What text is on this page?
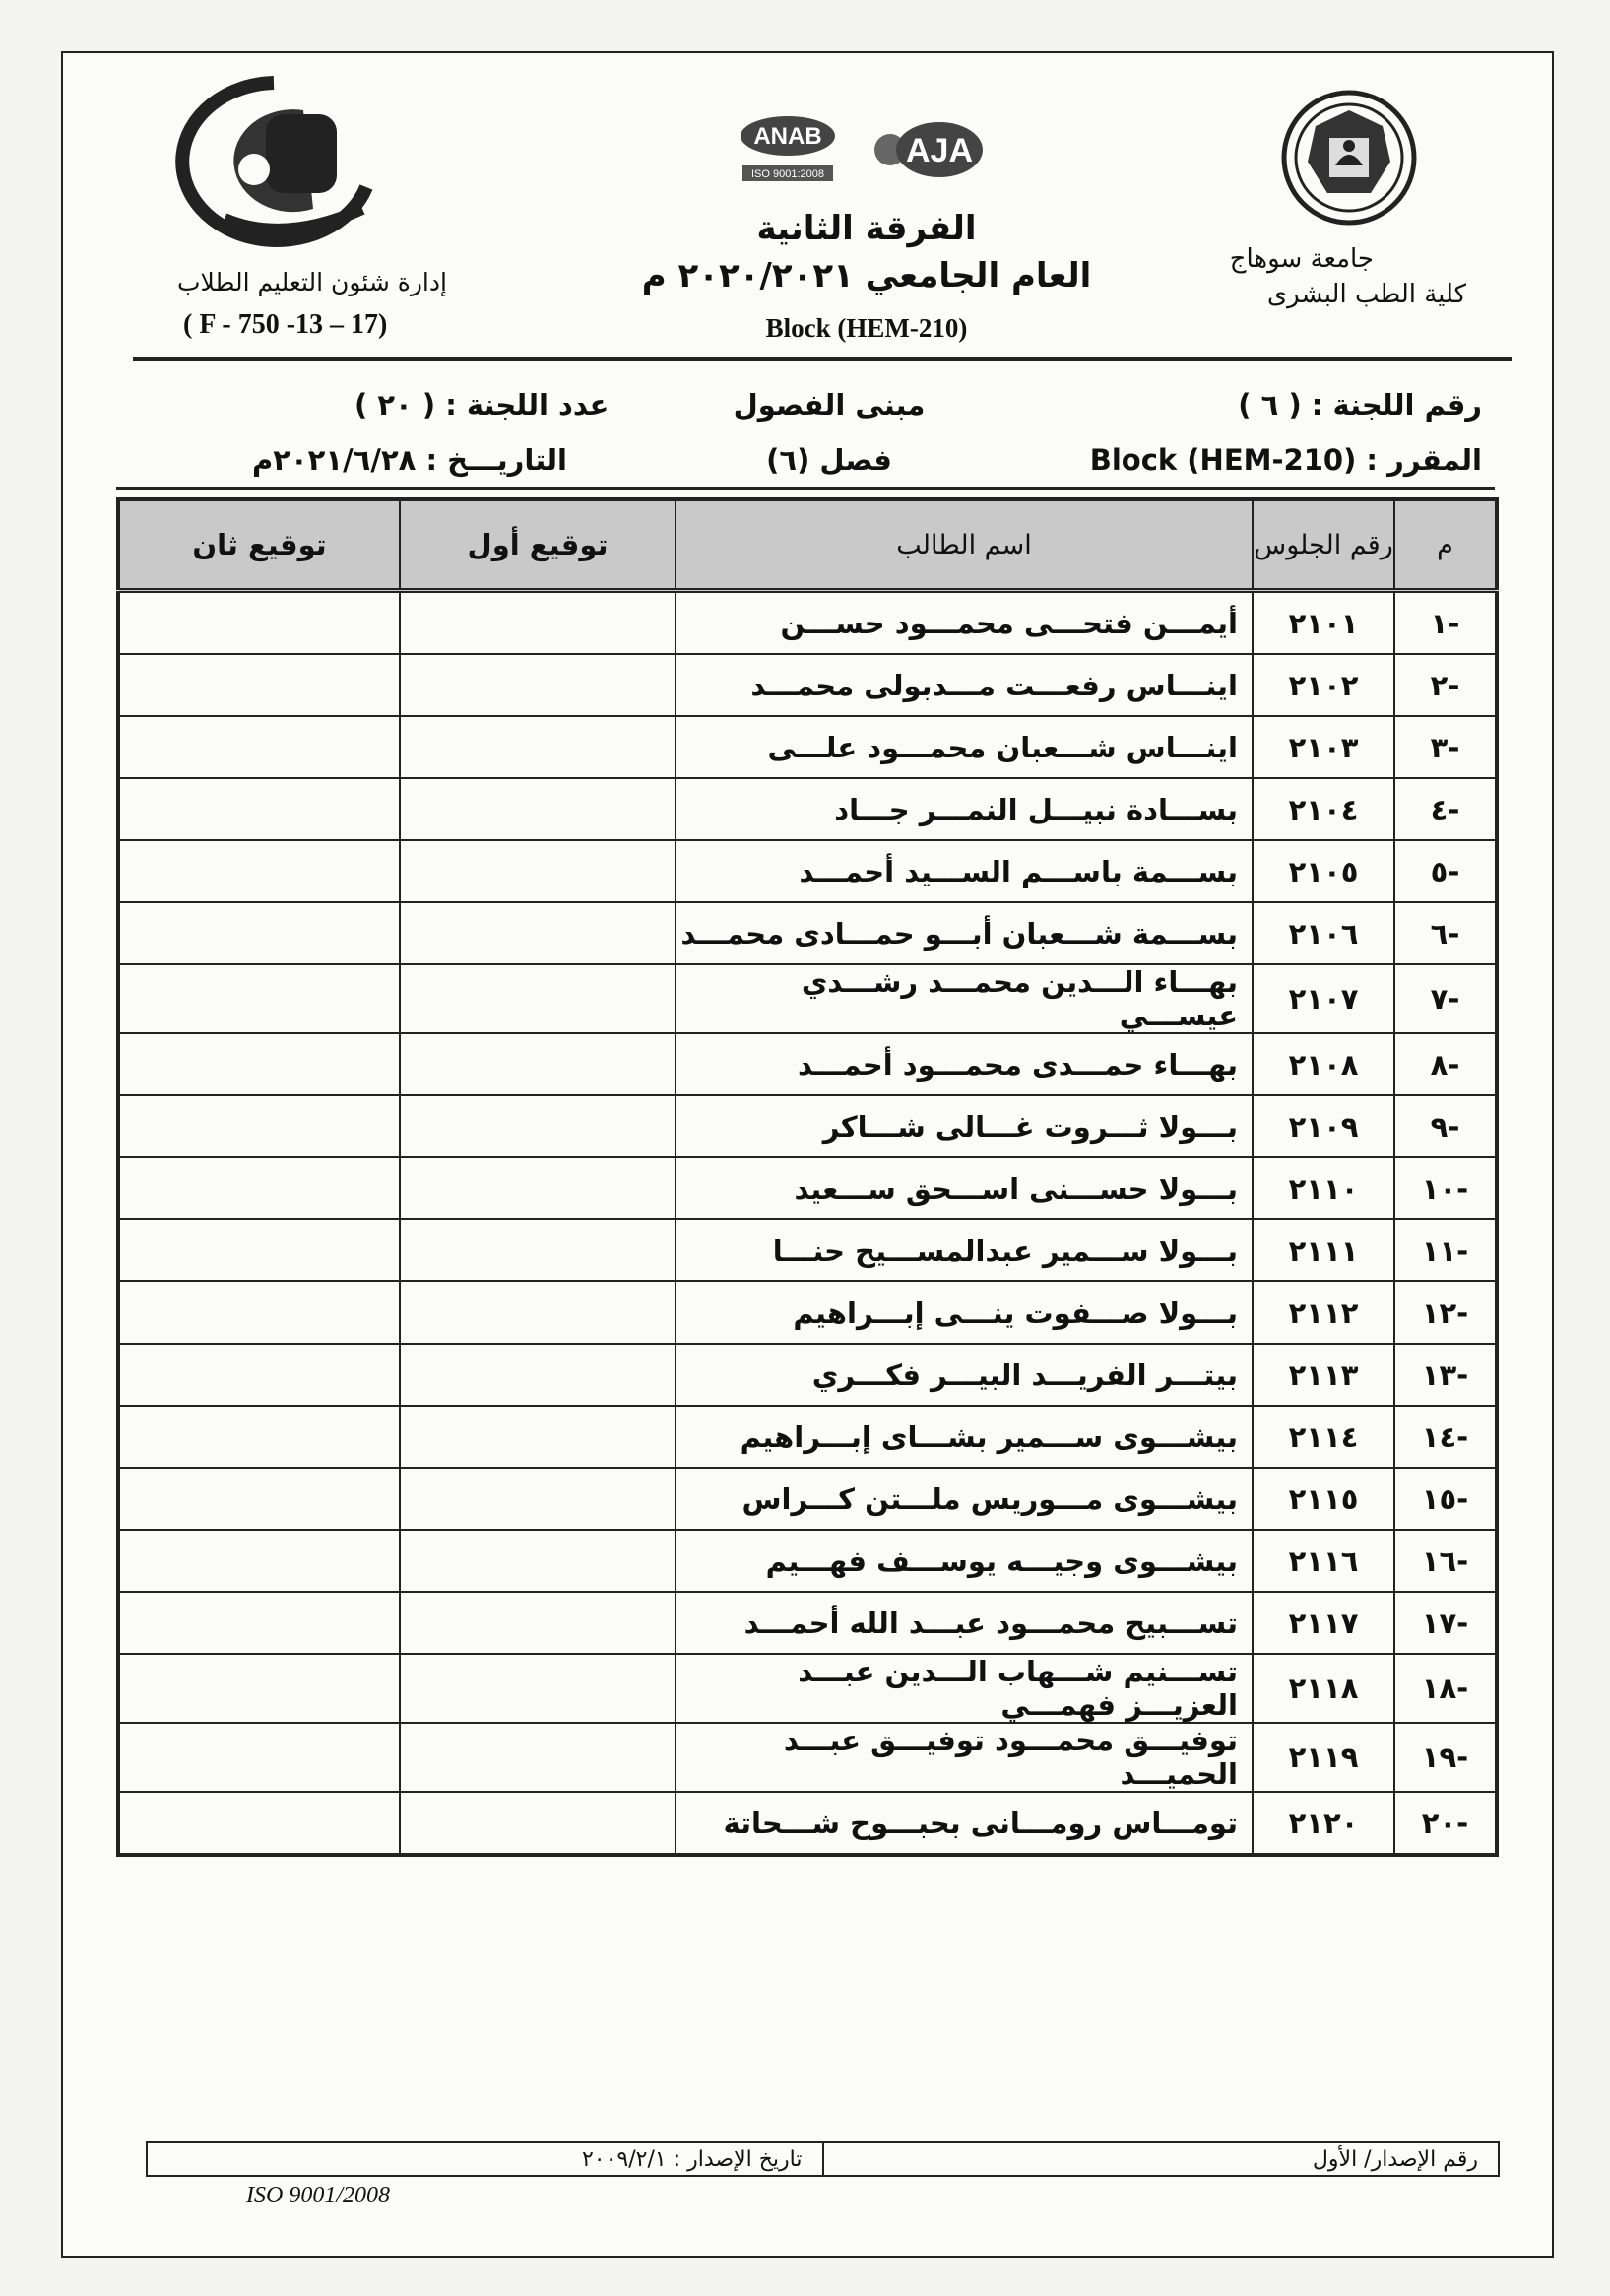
جامعة سوهاج
كلية الطب البشرى
ANAB
ISO 9001:2008
AJA
الفرقة الثانية
العام الجامعي ٢٠٢٠/٢٠٢١ م
Block (HEM-210)
إدارة شئون التعليم الطلاب
( F - 750 -13 – 17)
رقم اللجنة : ( ٦ )
مبنى الفصول
عدد اللجنة : ( ٢٠ )
المقرر : Block (HEM-210)
فصل (٦)
التاريـــخ : ٢٠٢١/٦/٢٨م
م	رقم الجلوس	اسم الطالب	توقيع أول	توقيع ثان
-١	٢١٠١	أيمـــن فتحـــى محمـــود حســـن		
-٢	٢١٠٢	اينـــاس رفعـــت مـــدبولى محمـــد		
-٣	٢١٠٣	اينـــاس شـــعبان محمـــود علـــى		
-٤	٢١٠٤	بســـادة نبيـــل النمـــر جـــاد		
-٥	٢١٠٥	بســـمة باســـم الســـيد أحمـــد		
-٦	٢١٠٦	بســـمة شـــعبان أبـــو حمـــادى محمـــد		
-٧	٢١٠٧	بهـــاء الـــدين محمـــد رشـــدي عيســـي		
-٨	٢١٠٨	بهـــاء حمـــدى محمـــود أحمـــد		
-٩	٢١٠٩	بـــولا ثـــروت غـــالى شـــاكر		
-١٠	٢١١٠	بـــولا حســـنى اســـحق ســـعيد		
-١١	٢١١١	بـــولا ســـمير عبدالمســـيح حنـــا		
-١٢	٢١١٢	بـــولا صـــفوت ينـــى إبـــراهيم		
-١٣	٢١١٣	بيتـــر الفريـــد البيـــر فكـــري		
-١٤	٢١١٤	بيشـــوى ســـمير بشـــاى إبـــراهيم		
-١٥	٢١١٥	بيشـــوى مـــوريس ملـــتن كـــراس		
-١٦	٢١١٦	بيشـــوى وجيـــه يوســـف فهـــيم		
-١٧	٢١١٧	تســـبيح محمـــود عبـــد الله أحمـــد		
-١٨	٢١١٨	تســـنيم شـــهاب الـــدين عبـــد العزيـــز فهمـــي		
-١٩	٢١١٩	توفيـــق محمـــود توفيـــق عبـــد الحميـــد		
-٢٠	٢١٢٠	تومـــاس رومـــانى بحبـــوح شـــحاتة		
رقم الإصدار/ الأول
تاريخ الإصدار : ٢٠٠٩/٢/١
ISO 9001/2008
